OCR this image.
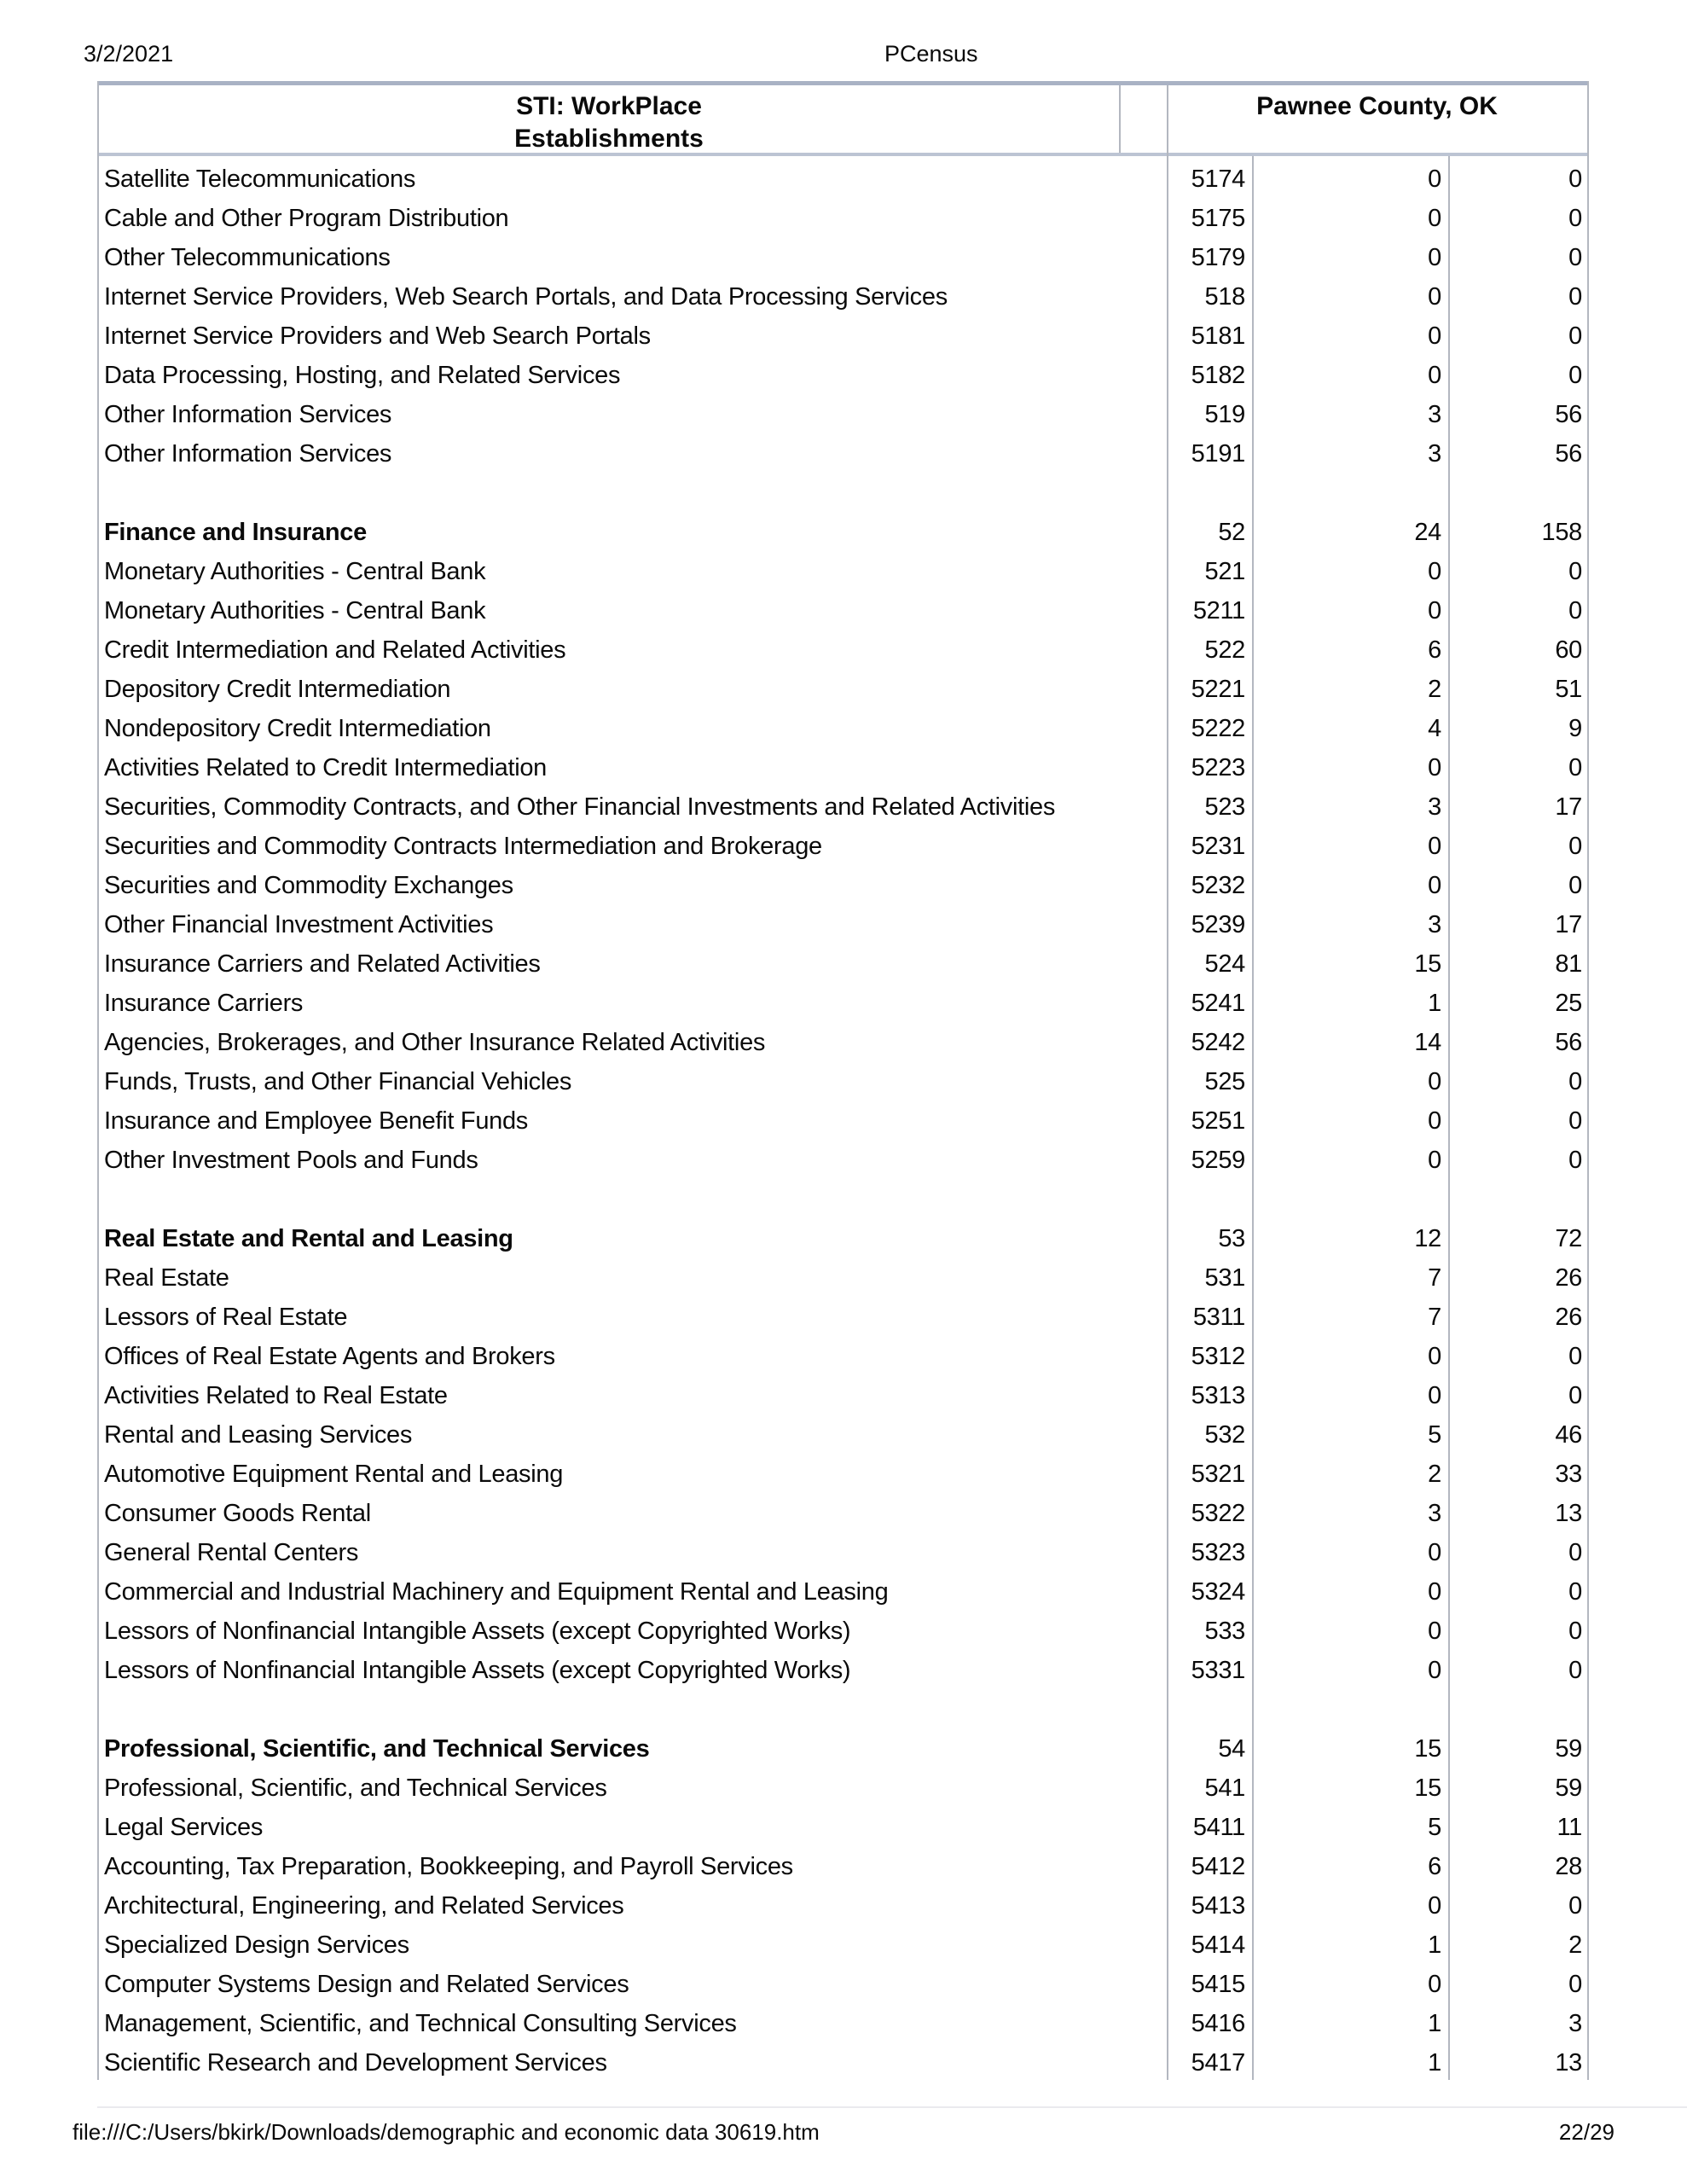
3/2/2021	PCensus
STI: WorkPlace
Establishments
Pawnee County, OK
Satellite Telecommunications	5174	0	0
Cable and Other Program Distribution	5175	0	0
Other Telecommunications	5179	0	0
Internet Service Providers, Web Search Portals, and Data Processing Services	518	0	0
Internet Service Providers and Web Search Portals	5181	0	0
Data Processing, Hosting, and Related Services	5182	0	0
Other Information Services	519	3	56
Other Information Services	5191	3	56
Finance and Insurance	52	24	158
Monetary Authorities - Central Bank	521	0	0
Monetary Authorities - Central Bank	5211	0	0
Credit Intermediation and Related Activities	522	6	60
Depository Credit Intermediation	5221	2	51
Nondepository Credit Intermediation	5222	4	9
Activities Related to Credit Intermediation	5223	0	0
Securities, Commodity Contracts, and Other Financial Investments and Related Activities	523	3	17
Securities and Commodity Contracts Intermediation and Brokerage	5231	0	0
Securities and Commodity Exchanges	5232	0	0
Other Financial Investment Activities	5239	3	17
Insurance Carriers and Related Activities	524	15	81
Insurance Carriers	5241	1	25
Agencies, Brokerages, and Other Insurance Related Activities	5242	14	56
Funds, Trusts, and Other Financial Vehicles	525	0	0
Insurance and Employee Benefit Funds	5251	0	0
Other Investment Pools and Funds	5259	0	0
Real Estate and Rental and Leasing	53	12	72
Real Estate	531	7	26
Lessors of Real Estate	5311	7	26
Offices of Real Estate Agents and Brokers	5312	0	0
Activities Related to Real Estate	5313	0	0
Rental and Leasing Services	532	5	46
Automotive Equipment Rental and Leasing	5321	2	33
Consumer Goods Rental	5322	3	13
General Rental Centers	5323	0	0
Commercial and Industrial Machinery and Equipment Rental and Leasing	5324	0	0
Lessors of Nonfinancial Intangible Assets (except Copyrighted Works)	533	0	0
Lessors of Nonfinancial Intangible Assets (except Copyrighted Works)	5331	0	0
Professional, Scientific, and Technical Services	54	15	59
Professional, Scientific, and Technical Services	541	15	59
Legal Services	5411	5	11
Accounting, Tax Preparation, Bookkeeping, and Payroll Services	5412	6	28
Architectural, Engineering, and Related Services	5413	0	0
Specialized Design Services	5414	1	2
Computer Systems Design and Related Services	5415	0	0
Management, Scientific, and Technical Consulting Services	5416	1	3
Scientific Research and Development Services	5417	1	13
file:///C:/Users/bkirk/Downloads/demographic and economic data 30619.htm	22/29
